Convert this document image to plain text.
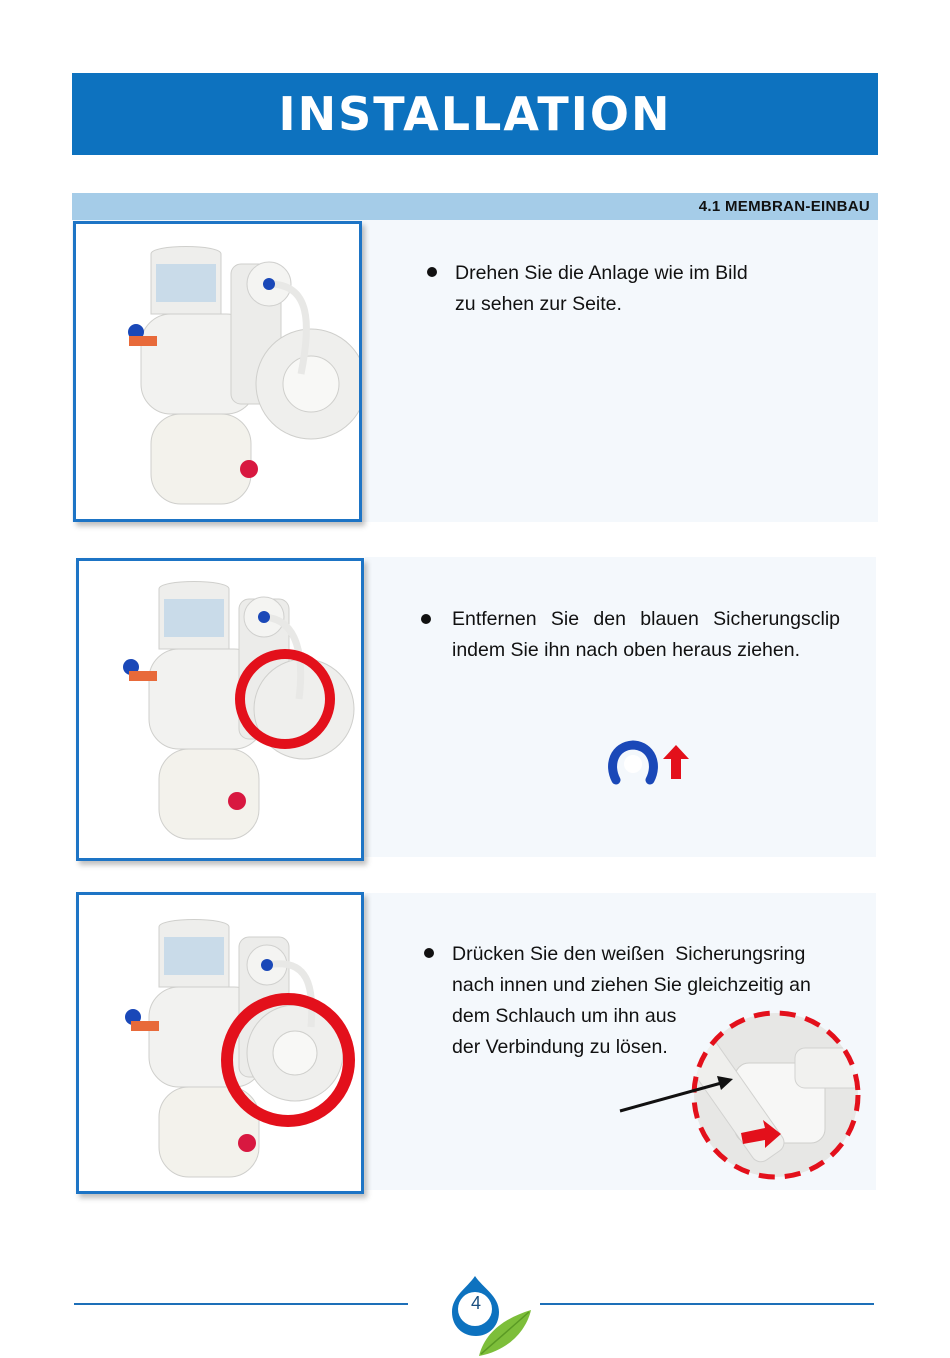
INSTALLATION
4.1 MEMBRAN-EINBAU
Drehen Sie die Anlage wie im Bild
zu sehen zur Seite.
Entfernen Sie den blauen Sicherungsclip indem Sie ihn nach oben heraus ziehen.
Drücken Sie den weißen  Sicherungsring
nach innen und ziehen Sie gleichzeitig an
dem Schlauch um ihn aus
der Verbindung zu lösen.
4
